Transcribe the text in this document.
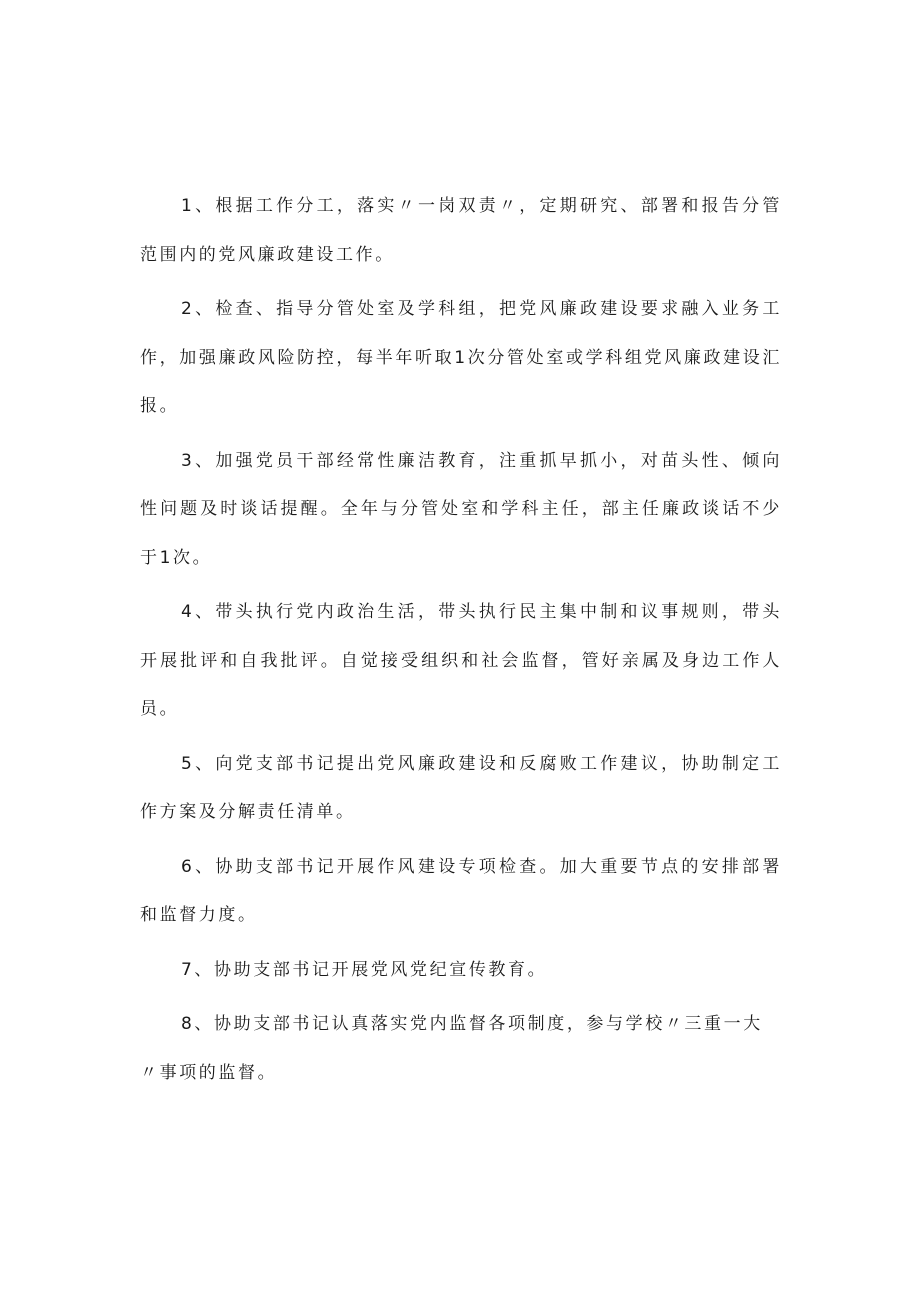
1、根据工作分工，落实〃一岗双责〃，定期研究、部署和报告分管范围内的党风廉政建设工作。

2、检查、指导分管处室及学科组，把党风廉政建设要求融入业务工作，加强廉政风险防控，每半年听取1次分管处室或学科组党风廉政建设汇报。

3、加强党员干部经常性廉洁教育，注重抓早抓小，对苗头性、倾向性问题及时谈话提醒。全年与分管处室和学科主任，部主任廉政谈话不少于1次。

4、带头执行党内政治生活，带头执行民主集中制和议事规则，带头开展批评和自我批评。自觉接受组织和社会监督，管好亲属及身边工作人员。

5、向党支部书记提出党风廉政建设和反腐败工作建议，协助制定工作方案及分解责任清单。

6、协助支部书记开展作风建设专项检查。加大重要节点的安排部署和监督力度。

7、协助支部书记开展党风党纪宣传教育。

8、协助支部书记认真落实党内监督各项制度，参与学校〃三重一大〃事项的监督。
